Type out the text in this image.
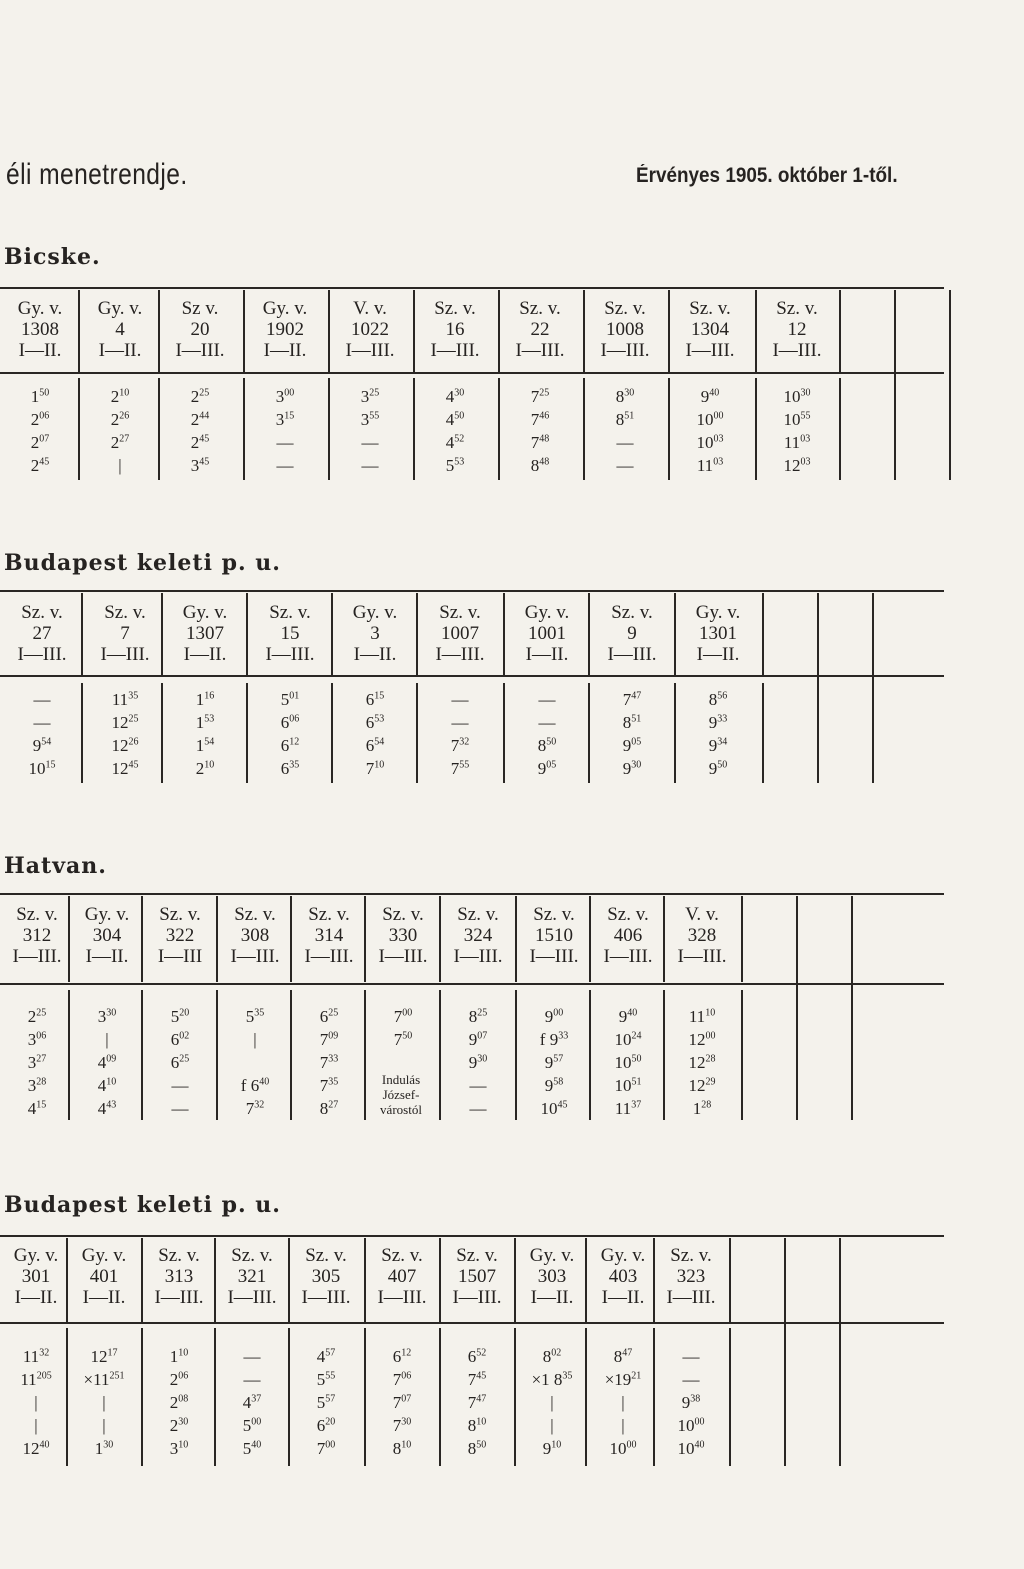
éli menetrendje.	Érvényes 1905. október 1-től.
Bicske.
Budapest keleti p. u.
Hatvan.
Budapest keleti p. u.
Gy. v.
1308
I—II.
$1^{50}$
$2^{06}$
$2^{07}$
$2^{45}$
Gy. v.
4
I—II.
$2^{10}$
$2^{26}$
$2^{27}$
|
Sz v.
20
I—III.
$2^{25}$
$2^{44}$
$2^{45}$
$3^{45}$
Gy. v.
1902
I—II.
$3^{00}$
$3^{15}$
—
—
V. v.
1022
I—III.
$3^{25}$
$3^{55}$
—
—
Sz. v.
16
I—III.
$4^{30}$
$4^{50}$
$4^{52}$
$5^{53}$
Sz. v.
22
I—III.
$7^{25}$
$7^{46}$
$7^{48}$
$8^{48}$
Sz. v.
1008
I—III.
$8^{30}$
$8^{51}$
—
—
Sz. v.
1304
I—III.
$9^{40}$
$10^{00}$
$10^{03}$
$11^{03}$
Sz. v.
12
I—III.
$10^{30}$
$10^{55}$
$11^{03}$
$12^{03}$
Sz. v.
27
I—III.
—
—
$9^{54}$
$10^{15}$
Sz. v.
7
I—III.
$11^{35}$
$12^{25}$
$12^{26}$
$12^{45}$
Gy. v.
1307
I—II.
$1^{16}$
$1^{53}$
$1^{54}$
$2^{10}$
Sz. v.
15
I—III.
$5^{01}$
$6^{06}$
$6^{12}$
$6^{35}$
Gy. v.
3
I—II.
$6^{15}$
$6^{53}$
$6^{54}$
$7^{10}$
Sz. v.
1007
I—III.
—
—
$7^{32}$
$7^{55}$
Gy. v.
1001
I—II.
—
—
$8^{50}$
$9^{05}$
Sz. v.
9
I—III.
$7^{47}$
$8^{51}$
$9^{05}$
$9^{30}$
Gy. v.
1301
I—II.
$8^{56}$
$9^{33}$
$9^{34}$
$9^{50}$
Sz. v.
312
I—III.
$2^{25}$
$3^{06}$
$3^{27}$
$3^{28}$
$4^{15}$
Gy. v.
304
I—II.
$3^{30}$
|
$4^{09}$
$4^{10}$
$4^{43}$
Sz. v.
322
I—III
$5^{20}$
$6^{02}$
$6^{25}$
—
—
Sz. v.
308
I—III.
$5^{35}$
|
f $6^{40}$
$7^{32}$
Sz. v.
314
I—III.
$6^{25}$
$7^{09}$
$7^{33}$
$7^{35}$
$8^{27}$
Sz. v.
330
I—III.
$7^{00}$
$7^{50}$
Sz. v.
324
I—III.
$8^{25}$
$9^{07}$
$9^{30}$
—
—
Sz. v.
1510
I—III.
$9^{00}$
f $9^{33}$
$9^{57}$
$9^{58}$
$10^{45}$
Sz. v.
406
I—III.
$9^{40}$
$10^{24}$
$10^{50}$
$10^{51}$
$11^{37}$
V. v.
328
I—III.
$11^{10}$
$12^{00}$
$12^{28}$
$12^{29}$
$1^{28}$
Gy. v.
301
I—II.
$11^{32}$
$11^{205}$
|
|
$12^{40}$
Gy. v.
401
I—II.
$12^{17}$
$\times 11^{251}$
|
|
$1^{30}$
Sz. v.
313
I—III.
$1^{10}$
$2^{06}$
$2^{08}$
$2^{30}$
$3^{10}$
Sz. v.
321
I—III.
—
—
$4^{37}$
$5^{00}$
$5^{40}$
Sz. v.
305
I—III.
$4^{57}$
$5^{55}$
$5^{57}$
$6^{20}$
$7^{00}$
Sz. v.
407
I—III.
$6^{12}$
$7^{06}$
$7^{07}$
$7^{30}$
$8^{10}$
Sz. v.
1507
I—III.
$6^{52}$
$7^{45}$
$7^{47}$
$8^{10}$
$8^{50}$
Gy. v.
303
I—II.
$8^{02}$
×1 $8^{35}$
|
|
$9^{10}$
Gy. v.
403
I—II.
$8^{47}$
$\times 19^{21}$
|
|
$10^{00}$
Sz. v.
323
I—III.
—
—
$9^{38}$
$10^{00}$
$10^{40}$
Indulás József-várostól
